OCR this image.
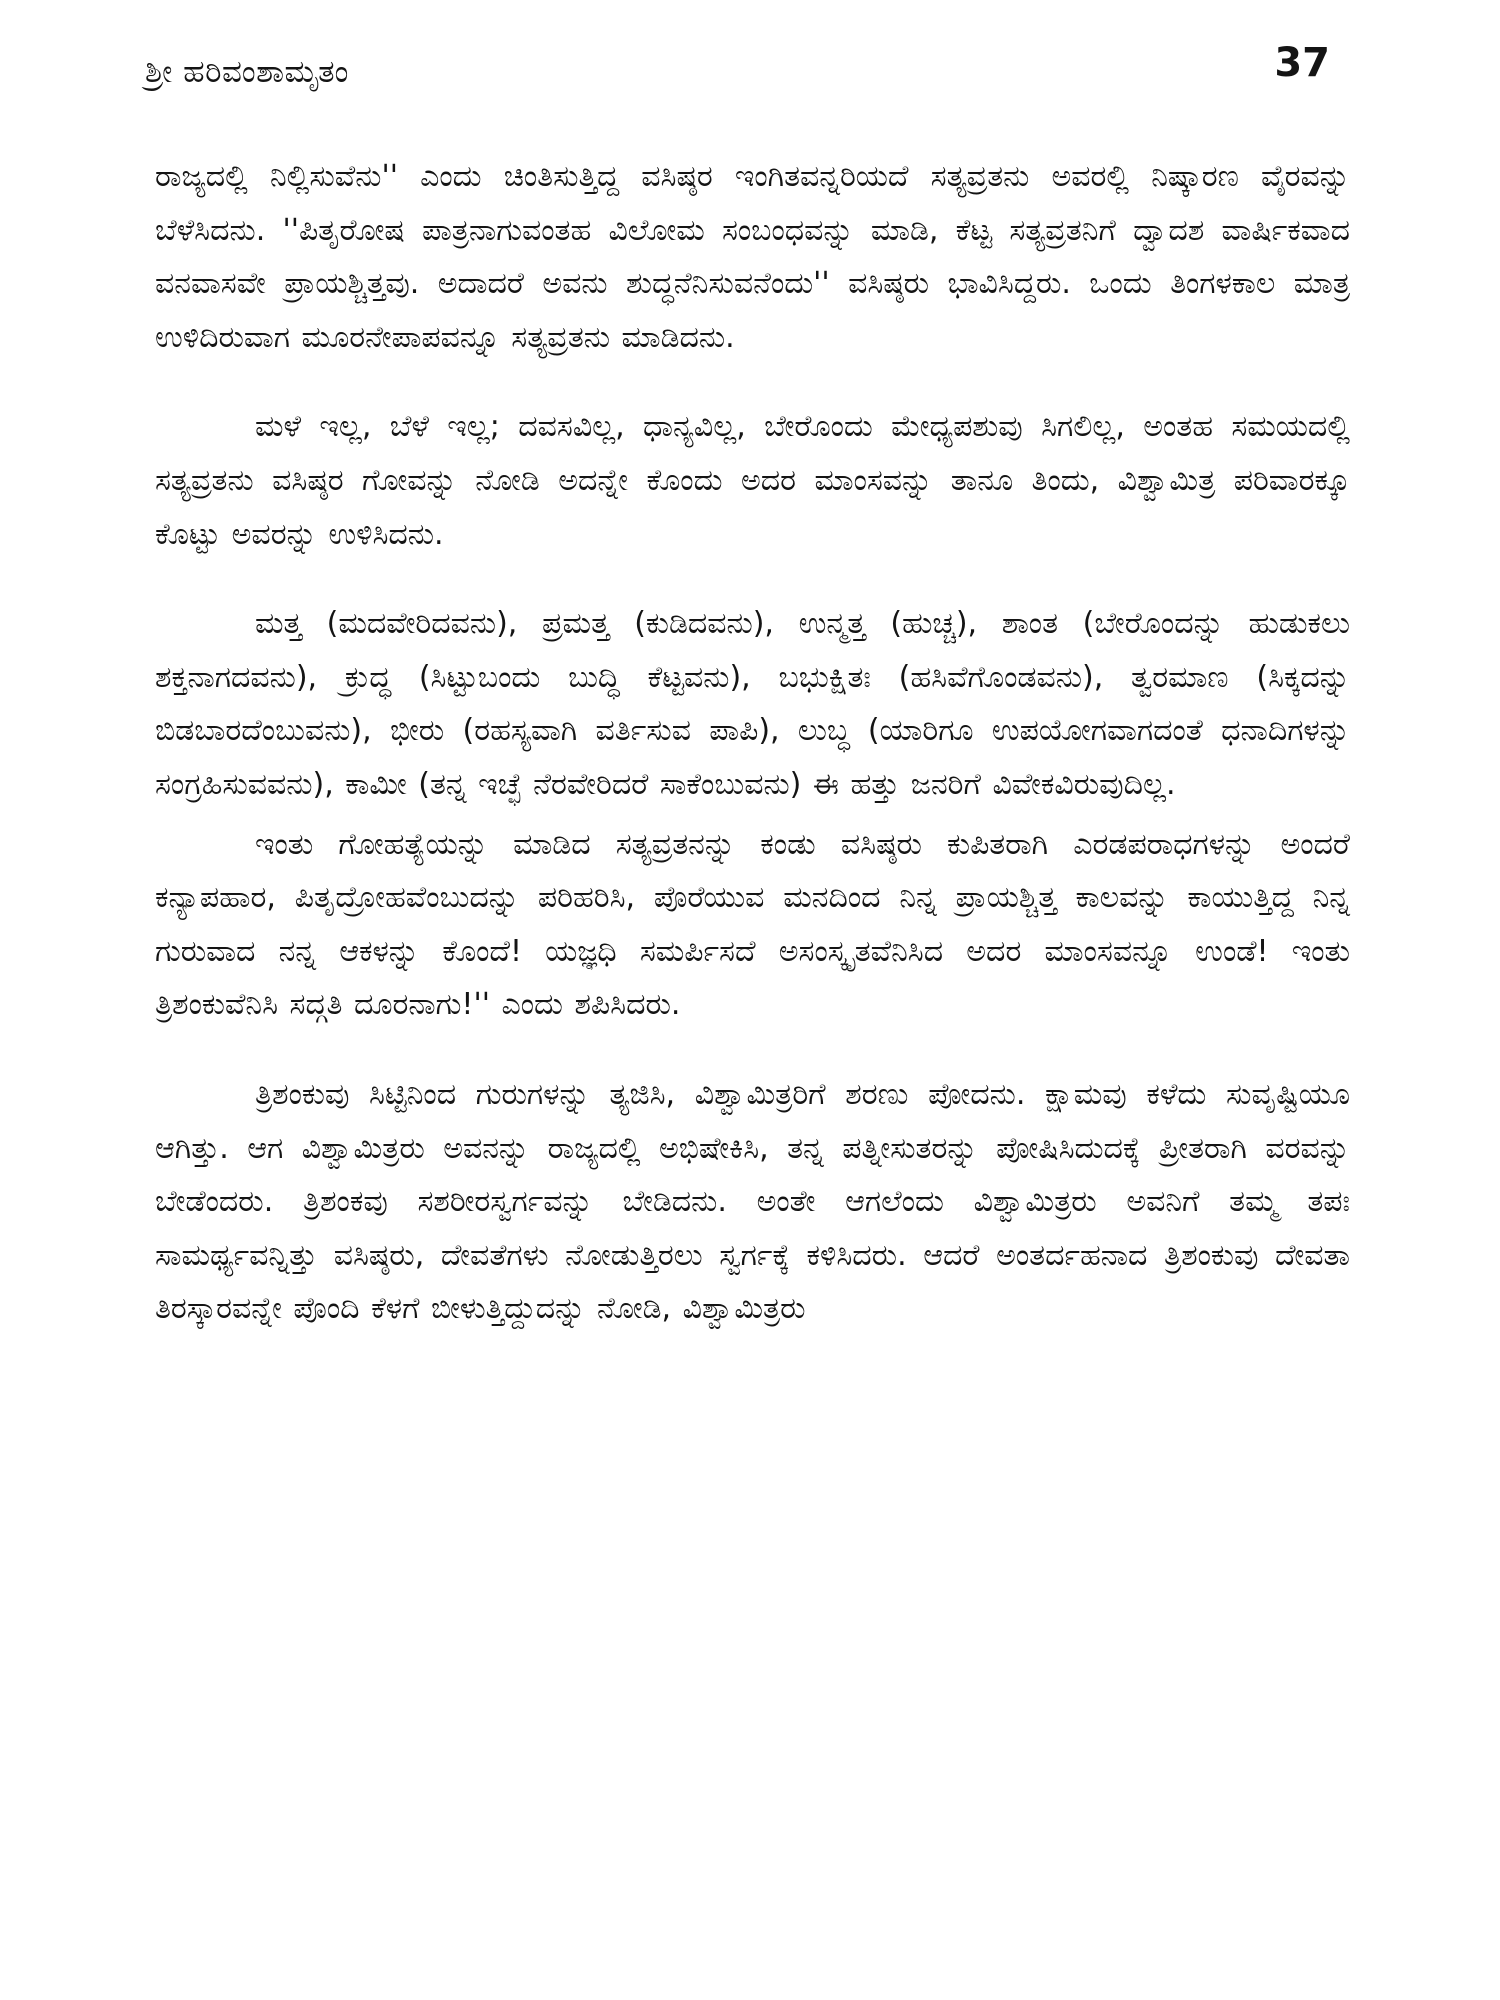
ಶ್ರೀ ಹರಿವಂಶಾಮೃತಂ	37

ರಾಜ್ಯದಲ್ಲಿ ನಿಲ್ಲಿಸುವೆನು'' ಎಂದು ಚಿಂತಿಸುತ್ತಿದ್ದ ವಸಿಷ್ಠರ ಇಂಗಿತವನ್ನರಿಯದೆ ಸತ್ಯವ್ರತನು ಅವರಲ್ಲಿ ನಿಷ್ಕಾರಣ ವೈರವನ್ನು ಬೆಳೆಸಿದನು. ''ಪಿತೃರೋಷ ಪಾತ್ರನಾಗುವಂತಹ ವಿಲೋಮ ಸಂಬಂಧವನ್ನು ಮಾಡಿ, ಕೆಟ್ಟ ಸತ್ಯವ್ರತನಿಗೆ ದ್ವಾದಶ ವಾರ್ಷಿಕವಾದ ವನವಾಸವೇ ಪ್ರಾಯಶ್ಚಿತ್ತವು. ಅದಾದರೆ ಅವನು ಶುದ್ಧನೆನಿಸುವನೆಂದು'' ವಸಿಷ್ಠರು ಭಾವಿಸಿದ್ದರು. ಒಂದು ತಿಂಗಳಕಾಲ ಮಾತ್ರ ಉಳಿದಿರುವಾಗ ಮೂರನೇಪಾಪವನ್ನೂ ಸತ್ಯವ್ರತನು ಮಾಡಿದನು.

ಮಳೆ ಇಲ್ಲ, ಬೆಳೆ ಇಲ್ಲ; ದವಸವಿಲ್ಲ, ಧಾನ್ಯವಿಲ್ಲ, ಬೇರೊಂದು ಮೇಧ್ಯಪಶುವು ಸಿಗಲಿಲ್ಲ, ಅಂತಹ ಸಮಯದಲ್ಲಿ ಸತ್ಯವ್ರತನು ವಸಿಷ್ಠರ ಗೋವನ್ನು ನೋಡಿ ಅದನ್ನೇ ಕೊಂದು ಅದರ ಮಾಂಸವನ್ನು ತಾನೂ ತಿಂದು, ವಿಶ್ವಾಮಿತ್ರ ಪರಿವಾರಕ್ಕೂ ಕೊಟ್ಟು ಅವರನ್ನು ಉಳಿಸಿದನು.

ಮತ್ತ (ಮದವೇರಿದವನು), ಪ್ರಮತ್ತ (ಕುಡಿದವನು), ಉನ್ಮತ್ತ (ಹುಚ್ಚ), ಶಾಂತ (ಬೇರೊಂದನ್ನು ಹುಡುಕಲು ಶಕ್ತನಾಗದವನು), ಕ್ರುದ್ಧ (ಸಿಟ್ಟುಬಂದು ಬುದ್ಧಿ ಕೆಟ್ಟವನು), ಬಭುಕ್ಷಿತಃ (ಹಸಿವೆಗೊಂಡವನು), ತ್ವರಮಾಣ (ಸಿಕ್ಕದನ್ನು ಬಿಡಬಾರದೆಂಬುವನು), ಭೀರು (ರಹಸ್ಯವಾಗಿ ವರ್ತಿಸುವ ಪಾಪಿ), ಲುಬ್ಧ (ಯಾರಿಗೂ ಉಪಯೋಗವಾಗದಂತೆ ಧನಾದಿಗಳನ್ನು ಸಂಗ್ರಹಿಸುವವನು), ಕಾಮೀ (ತನ್ನ ಇಚ್ಛೆ ನೆರವೇರಿದರೆ ಸಾಕೆಂಬುವನು) ಈ ಹತ್ತು ಜನರಿಗೆ ವಿವೇಕವಿರುವುದಿಲ್ಲ.

ಇಂತು ಗೋಹತ್ಯೆಯನ್ನು ಮಾಡಿದ ಸತ್ಯವ್ರತನನ್ನು ಕಂಡು ವಸಿಷ್ಠರು ಕುಪಿತರಾಗಿ ಎರಡಪರಾಧಗಳನ್ನು ಅಂದರೆ ಕನ್ಯಾಪಹಾರ, ಪಿತೃದ್ರೋಹವೆಂಬುದನ್ನು ಪರಿಹರಿಸಿ, ಪೊರೆಯುವ ಮನದಿಂದ ನಿನ್ನ ಪ್ರಾಯಶ್ಚಿತ್ತ ಕಾಲವನ್ನು ಕಾಯುತ್ತಿದ್ದ ನಿನ್ನ ಗುರುವಾದ ನನ್ನ ಆಕಳನ್ನು ಕೊಂದೆ! ಯಜ್ಞಧಿ ಸಮರ್ಪಿಸದೆ ಅಸಂಸ್ಕೃತವೆನಿಸಿದ ಅದರ ಮಾಂಸವನ್ನೂ ಉಂಡೆ! ಇಂತು ತ್ರಿಶಂಕುವೆನಿಸಿ ಸದ್ಗತಿ ದೂರನಾಗು!'' ಎಂದು ಶಪಿಸಿದರು.

ತ್ರಿಶಂಕುವು ಸಿಟ್ಟಿನಿಂದ ಗುರುಗಳನ್ನು ತ್ಯಜಿಸಿ, ವಿಶ್ವಾಮಿತ್ರರಿಗೆ ಶರಣು ಪೋದನು. ಕ್ಷಾಮವು ಕಳೆದು ಸುವೃಷ್ಟಿಯೂ ಆಗಿತ್ತು. ಆಗ ವಿಶ್ವಾಮಿತ್ರರು ಅವನನ್ನು ರಾಜ್ಯದಲ್ಲಿ ಅಭಿಷೇಕಿಸಿ, ತನ್ನ ಪತ್ನೀಸುತರನ್ನು ಪೋಷಿಸಿದುದಕ್ಕೆ ಪ್ರೀತರಾಗಿ ವರವನ್ನು ಬೇಡೆಂದರು. ತ್ರಿಶಂಕವು ಸಶರೀರಸ್ವರ್ಗವನ್ನು ಬೇಡಿದನು. ಅಂತೇ ಆಗಲೆಂದು ವಿಶ್ವಾಮಿತ್ರರು ಅವನಿಗೆ ತಮ್ಮ ತಪಃ ಸಾಮರ್ಥ್ಯವನ್ನಿತ್ತು ವಸಿಷ್ಠರು, ದೇವತೆಗಳು ನೋಡುತ್ತಿರಲು ಸ್ವರ್ಗಕ್ಕೆ ಕಳಿಸಿದರು. ಆದರೆ ಅಂತರ್ದಹನಾದ ತ್ರಿಶಂಕುವು ದೇವತಾ ತಿರಸ್ಕಾರವನ್ನೇ ಪೊಂದಿ ಕೆಳಗೆ ಬೀಳುತ್ತಿದ್ದುದನ್ನು ನೋಡಿ, ವಿಶ್ವಾಮಿತ್ರರು
